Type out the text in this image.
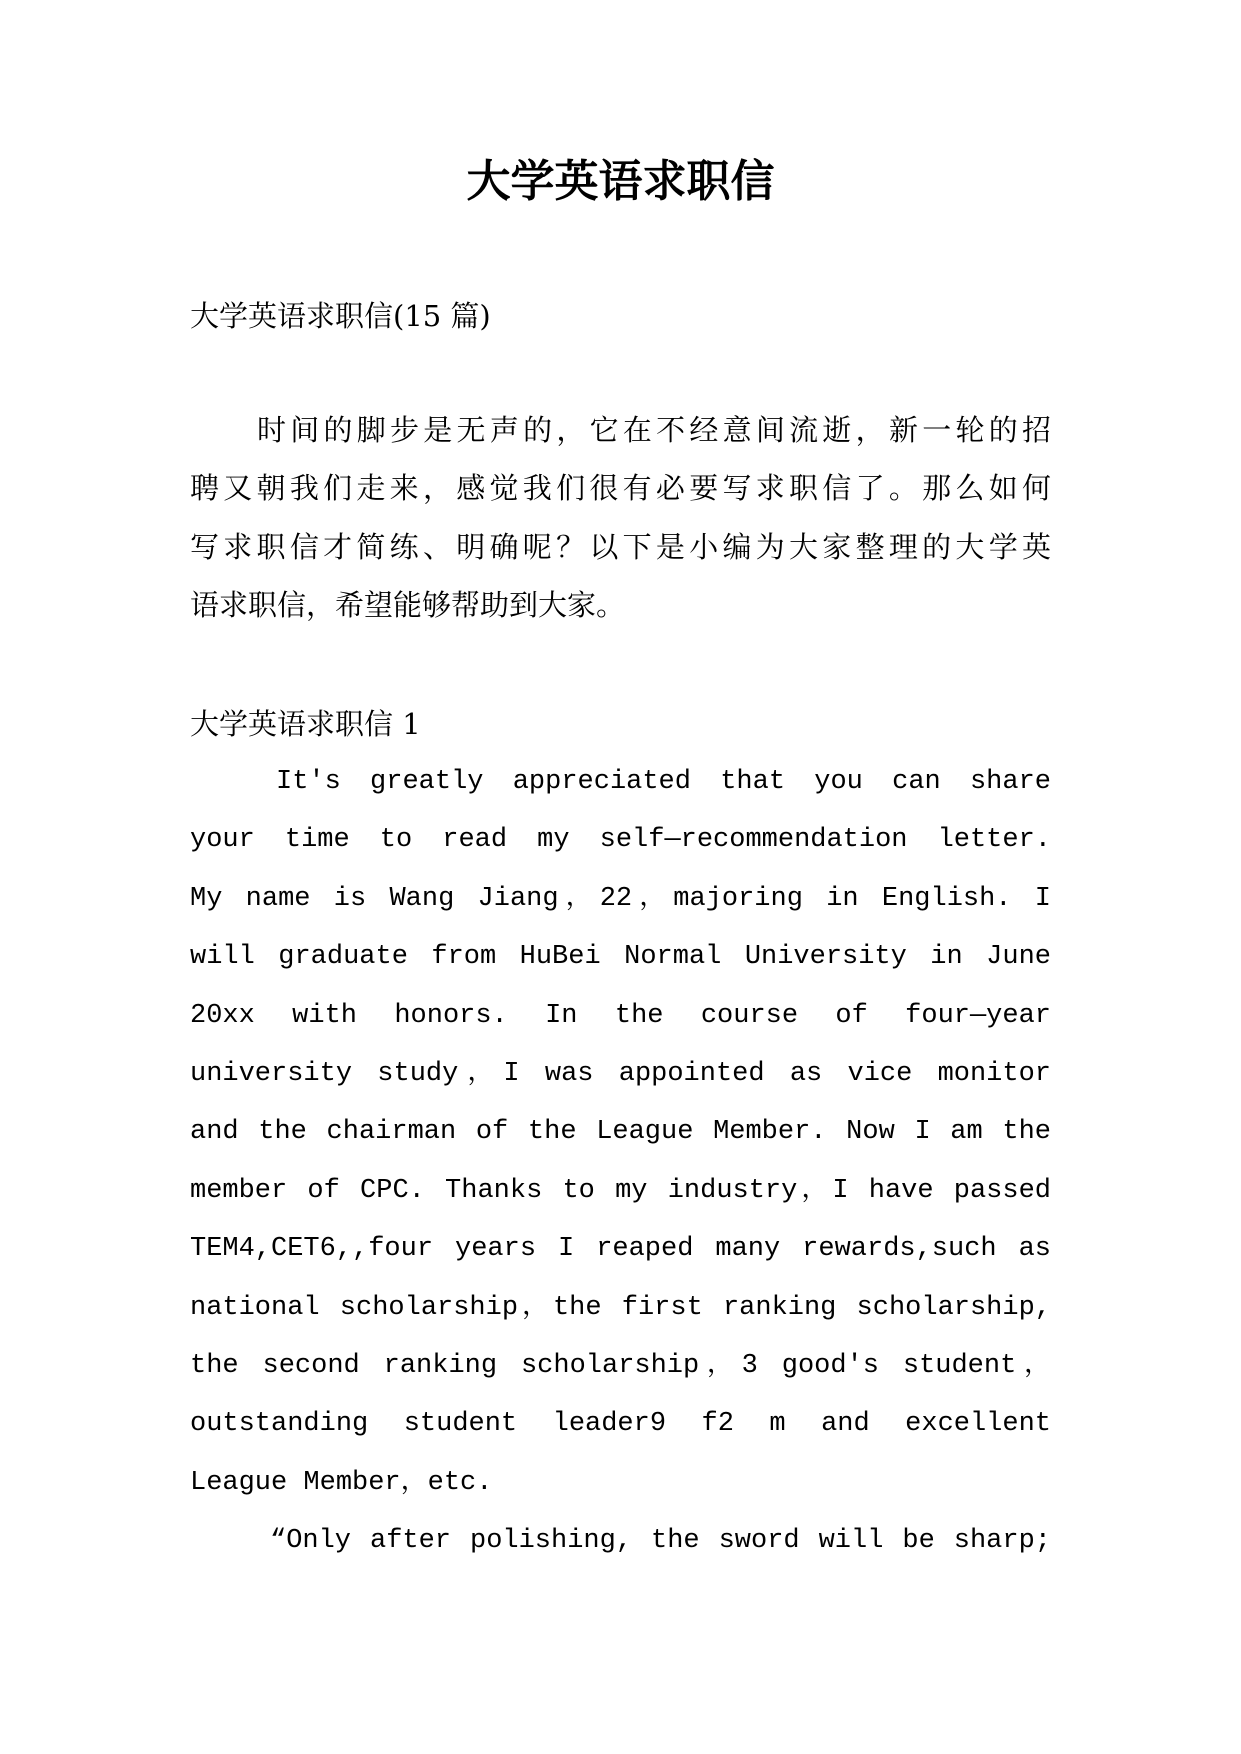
大学英语求职信
大学英语求职信(15 篇)
时间的脚步是无声的，它在不经意间流逝，新一轮的招
聘又朝我们走来，感觉我们很有必要写求职信了。那么如何
写求职信才简练、明确呢？以下是小编为大家整理的大学英
语求职信，希望能够帮助到大家。
大学英语求职信 1
It's greatly appreciated that you can share
your time to read my self—recommendation letter.
My name is Wang Jiang，22，majoring in English. I
will graduate from HuBei Normal University in June
20xx with honors. In the course of four—year
university study，I was appointed as vice monitor
and the chairman of the League Member. Now I am the
member of CPC. Thanks to my industry，I have passed
TEM4,CET6,,four years I reaped many rewards,such as
national scholarship，the first ranking scholarship,
the second ranking scholarship，3 good's student，
outstanding student leader9 f2 m and excellent
League Member，etc.
“Only after polishing, the sword will be sharp;
